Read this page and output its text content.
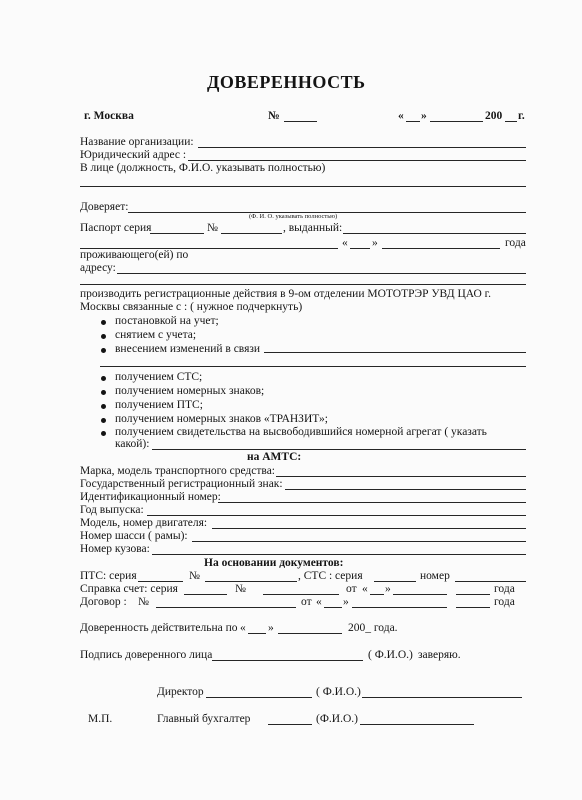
ДОВЕРЕННОСТЬ
г. Москва	№	« »	200 г.
Название организации:
Юридический адрес :
В лице (должность, Ф.И.О. указывать полностью)
Доверяет:
(Ф. И. О. указывать полностью)
Паспорт серия	№	, выданный:
« »	года
проживающего(ей) по
адресу:
производить регистрационные действия в 9-ом отделении МОТОТРЭР УВД ЦАО г.
Москвы связанные с : ( нужное подчеркнуть)
постановкой на учет;
снятием с учета;
внесением изменений в связи
получением СТС;
получением номерных знаков;
получением ПТС;
получением номерных знаков «ТРАНЗИТ»;
получением свидетельства на высвободившийся номерной агрегат ( указать
какой):
на АМТС:
Марка, модель транспортного средства:
Государственный регистрационный знак:
Идентификационный номер:
Год выпуска:
Модель, номер двигателя:
Номер шасси ( рамы):
Номер кузова:
На основании документов:
ПТС: серия	№	, СТС : серия	номер
Справка счет: серия	№	от « »	года
Договор : №	от « »	года
Доверенность действительна по « »	200_ года.
Подпись доверенного лица	( Ф.И.О.) заверяю.
Директор	( Ф.И.О.)
М.П.	Главный бухгалтер	(Ф.И.О.)
